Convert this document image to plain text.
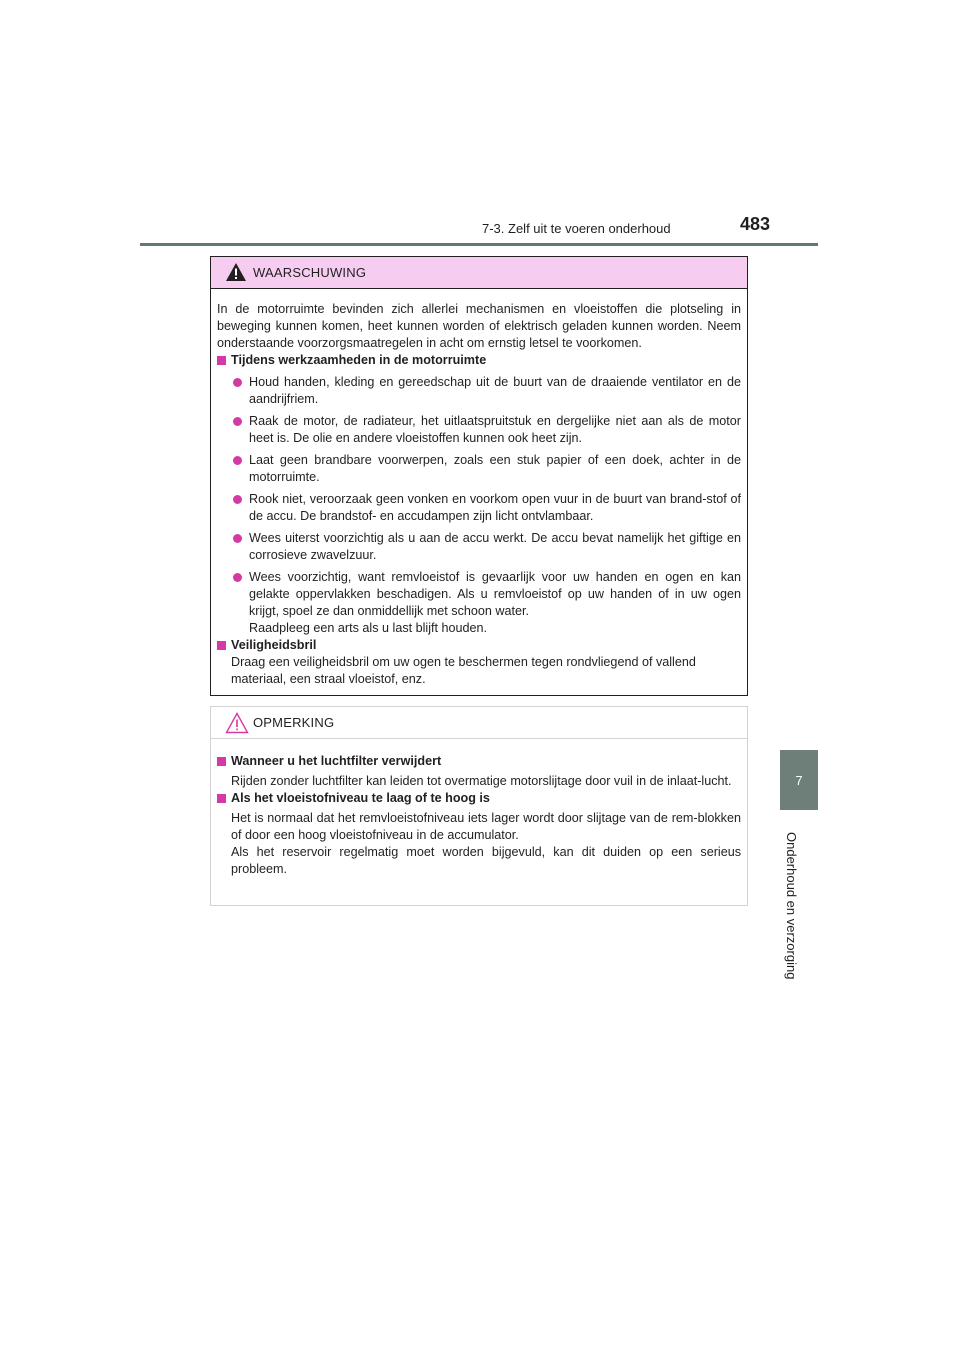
7-3. Zelf uit te voeren onderhoud	483
7
Onderhoud en verzorging
WAARSCHUWING

In de motorruimte bevinden zich allerlei mechanismen en vloeistoffen die plotseling in beweging kunnen komen, heet kunnen worden of elektrisch geladen kunnen worden. Neem onderstaande voorzorgsmaatregelen in acht om ernstig letsel te voorkomen.

Tijdens werkzaamheden in de motorruimte

Houd handen, kleding en gereedschap uit de buurt van de draaiende ventilator en de aandrijfriem.
Raak de motor, de radiateur, het uitlaatspruitstuk en dergelijke niet aan als de motor heet is. De olie en andere vloeistoffen kunnen ook heet zijn.
Laat geen brandbare voorwerpen, zoals een stuk papier of een doek, achter in de motorruimte.
Rook niet, veroorzaak geen vonken en voorkom open vuur in de buurt van brand-stof of de accu. De brandstof- en accudampen zijn licht ontvlambaar.
Wees uiterst voorzichtig als u aan de accu werkt. De accu bevat namelijk het giftige en corrosieve zwavelzuur.
Wees voorzichtig, want remvloeistof is gevaarlijk voor uw handen en ogen en kan gelakte oppervlakken beschadigen. Als u remvloeistof op uw handen of in uw ogen krijgt, spoel ze dan onmiddellijk met schoon water.
Raadpleeg een arts als u last blijft houden.

Veiligheidsbril

Draag een veiligheidsbril om uw ogen te beschermen tegen rondvliegend of vallend materiaal, een straal vloeistof, enz.

OPMERKING

Wanneer u het luchtfilter verwijdert

Rijden zonder luchtfilter kan leiden tot overmatige motorslijtage door vuil in de inlaat-lucht.

Als het vloeistofniveau te laag of te hoog is

Het is normaal dat het remvloeistofniveau iets lager wordt door slijtage van de rem-blokken of door een hoog vloeistofniveau in de accumulator.

Als het reservoir regelmatig moet worden bijgevuld, kan dit duiden op een serieus probleem.
